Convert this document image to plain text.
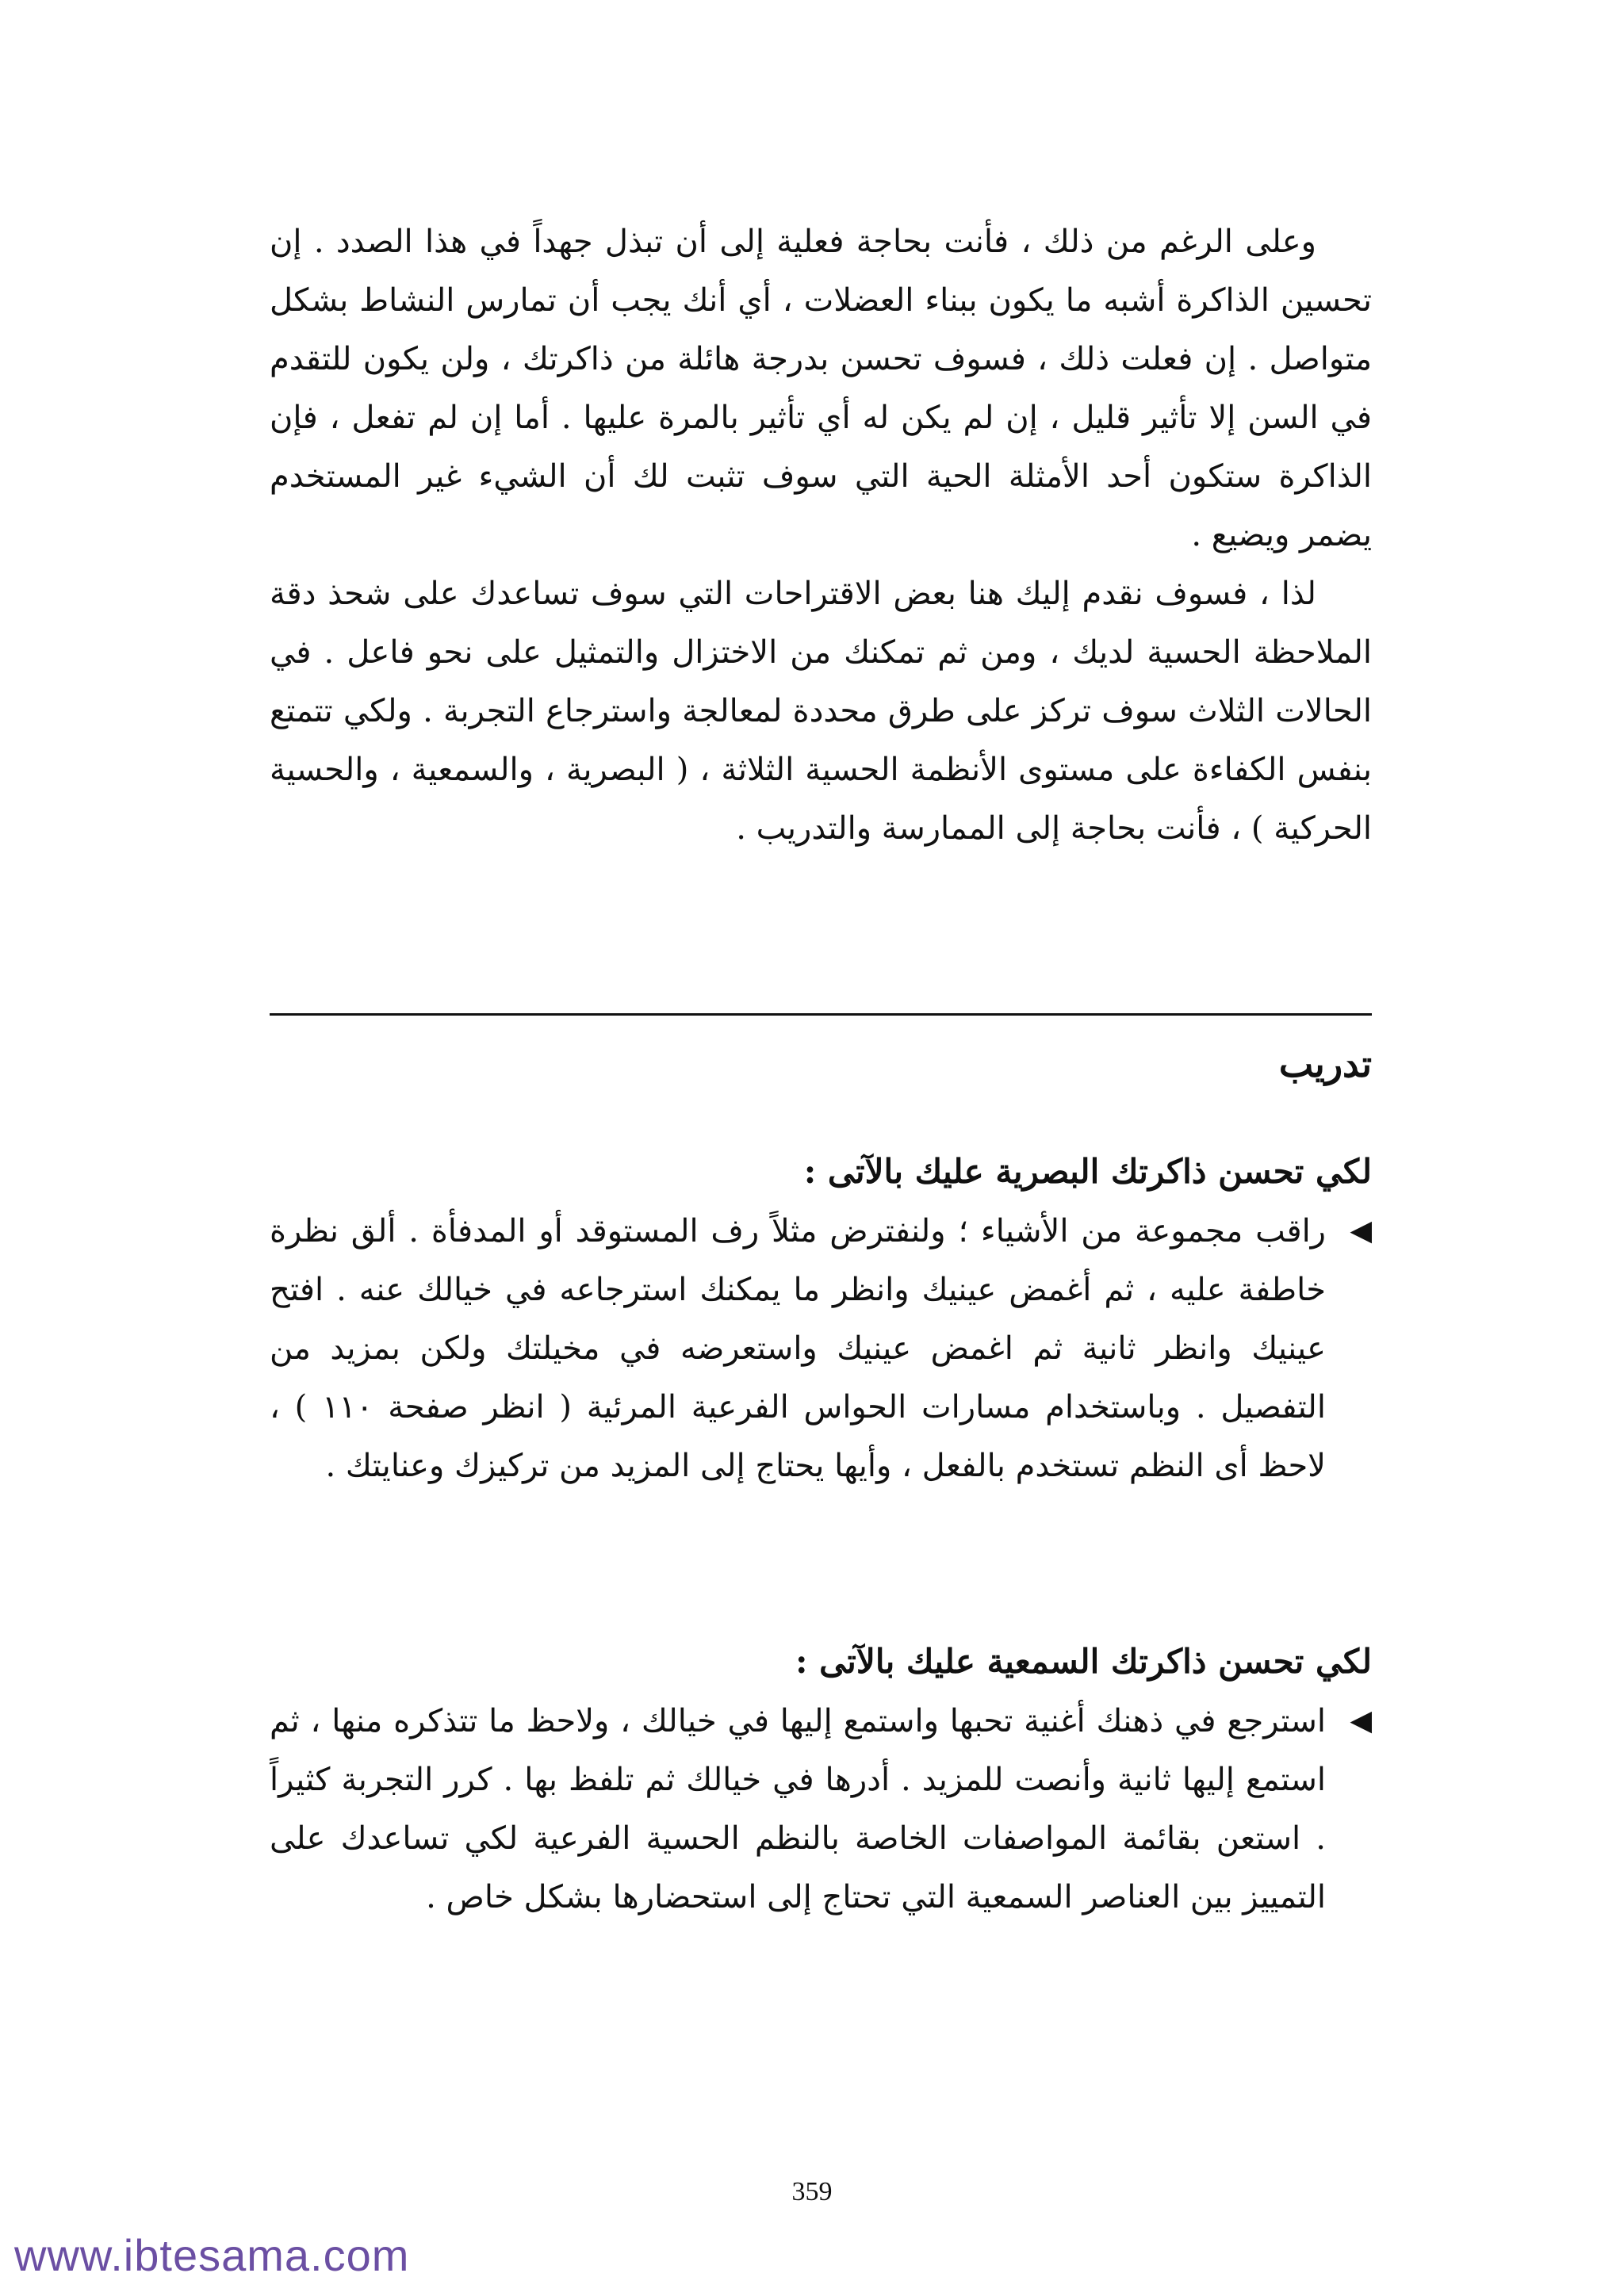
وعلى الرغم من ذلك ، فأنت بحاجة فعلية إلى أن تبذل جهداً في هذا الصدد . إن تحسين الذاكرة أشبه ما يكون ببناء العضلات ، أي أنك يجب أن تمارس النشاط بشكل متواصل . إن فعلت ذلك ، فسوف تحسن بدرجة هائلة من ذاكرتك ، ولن يكون للتقدم في السن إلا تأثير قليل ، إن لم يكن له أي تأثير بالمرة عليها . أما إن لم تفعل ، فإن الذاكرة ستكون أحد الأمثلة الحية التي سوف تثبت لك أن الشيء غير المستخدم يضمر ويضيع .

لذا ، فسوف نقدم إليك هنا بعض الاقتراحات التي سوف تساعدك على شحذ دقة الملاحظة الحسية لديك ، ومن ثم تمكنك من الاختزال والتمثيل على نحو فاعل . في الحالات الثلاث سوف تركز على طرق محددة لمعالجة واسترجاع التجربة . ولكي تتمتع بنفس الكفاءة على مستوى الأنظمة الحسية الثلاثة ، ( البصرية ، والسمعية ، والحسية الحركية ) ، فأنت بحاجة إلى الممارسة والتدريب .

تدريب
لكي تحسن ذاكرتك البصرية عليك بالآتى :
◀
راقب مجموعة من الأشياء ؛ ولنفترض مثلاً رف المستوقد أو المدفأة . ألق نظرة خاطفة عليه ، ثم أغمض عينيك وانظر ما يمكنك استرجاعه في خيالك عنه . افتح عينيك وانظر ثانية ثم اغمض عينيك واستعرضه في مخيلتك ولكن بمزيد من التفصيل . وباستخدام مسارات الحواس الفرعية المرئية ( انظر صفحة ١١٠ ) ، لاحظ أى النظم تستخدم بالفعل ، وأيها يحتاج إلى المزيد من تركيزك وعنايتك .
لكي تحسن ذاكرتك السمعية عليك بالآتى :
◀
استرجع في ذهنك أغنية تحبها واستمع إليها في خيالك ، ولاحظ ما تتذكره منها ، ثم استمع إليها ثانية وأنصت للمزيد . أدرها في خيالك ثم تلفظ بها . كرر التجربة كثيراً . استعن بقائمة المواصفات الخاصة بالنظم الحسية الفرعية لكي تساعدك على التمييز بين العناصر السمعية التي تحتاج إلى استحضارها بشكل خاص .

359

www.ibtesama.com
